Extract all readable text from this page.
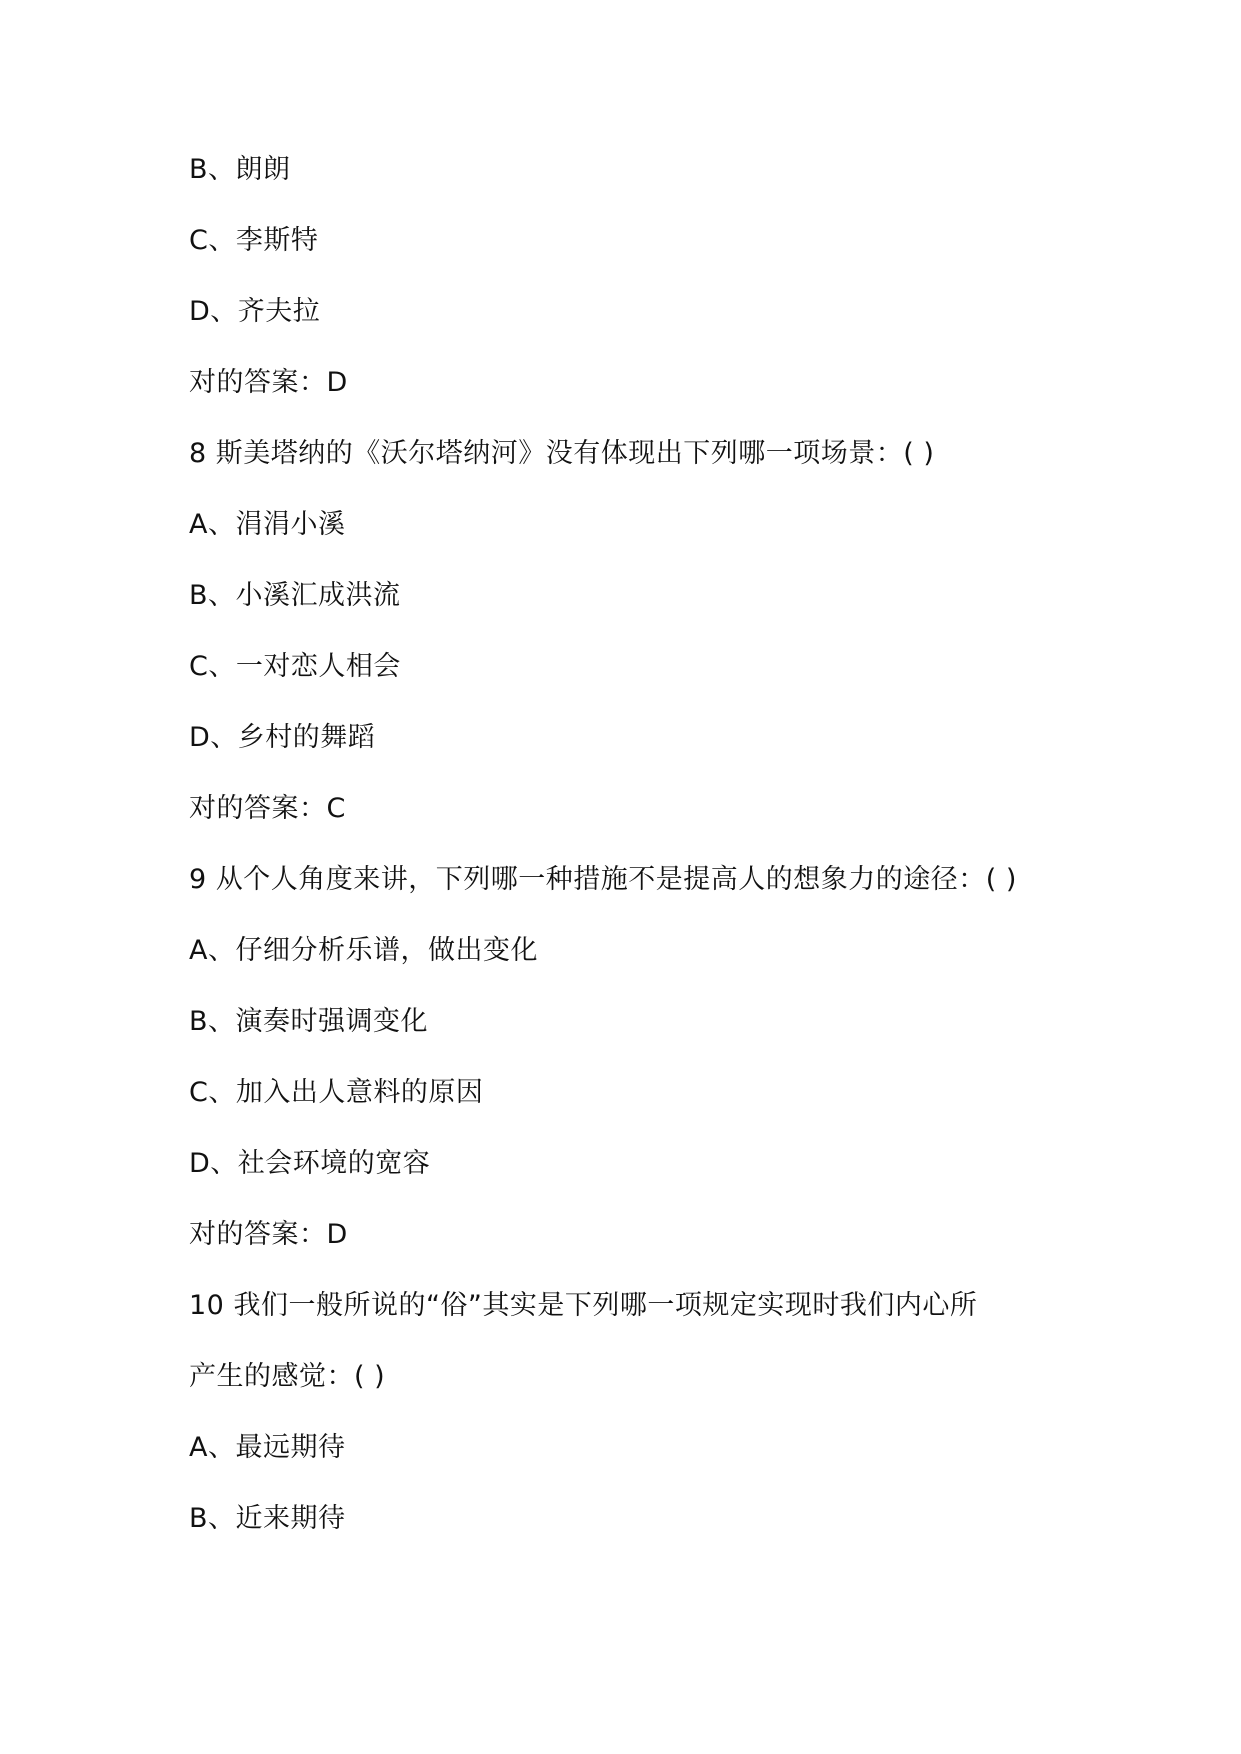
B、朗朗
C、李斯特
D、齐夫拉
对的答案：D
8 斯美塔纳的《沃尔塔纳河》没有体现出下列哪一项场景：( )
A、涓涓小溪
B、小溪汇成洪流
C、一对恋人相会
D、乡村的舞蹈
对的答案：C
9 从个人角度来讲，下列哪一种措施不是提高人的想象力的途径：( )
A、仔细分析乐谱，做出变化
B、演奏时强调变化
C、加入出人意料的原因
D、社会环境的宽容
对的答案：D
10 我们一般所说的“俗”其实是下列哪一项规定实现时我们内心所
产生的感觉：( )
A、最远期待
B、近来期待
